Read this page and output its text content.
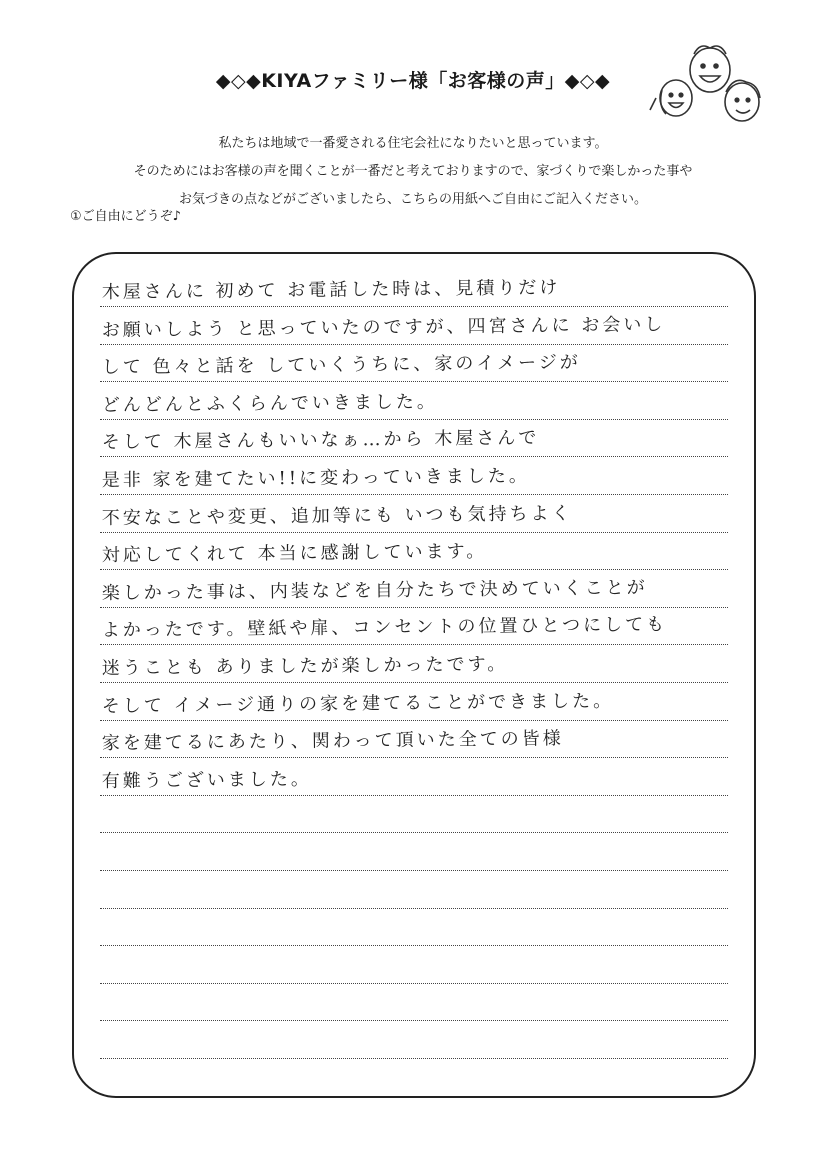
◆◇◆KIYAファミリー様「お客様の声」◆◇◆
私たちは地域で一番愛される住宅会社になりたいと思っています。
そのためにはお客様の声を聞くことが一番だと考えておりますので、家づくりで楽しかった事や
お気づきの点などがございましたら、こちらの用紙へご自由にご記入ください。
①ご自由にどうぞ♪
木屋さんに 初めて お電話した時は、見積りだけ
お願いしよう と思っていたのですが、四宮さんに お会いし
して 色々と話を していくうちに、家のイメージが
どんどんとふくらんでいきました。
そして 木屋さんもいいなぁ…から 木屋さんで
是非 家を建てたい!!に変わっていきました。
不安なことや変更、追加等にも いつも気持ちよく
対応してくれて 本当に感謝しています。
楽しかった事は、内装などを自分たちで決めていくことが
よかったです。壁紙や扉、コンセントの位置ひとつにしても
迷うことも ありましたが楽しかったです。
そして イメージ通りの家を建てることができました。
家を建てるにあたり、関わって頂いた全ての皆様
有難うございました。
